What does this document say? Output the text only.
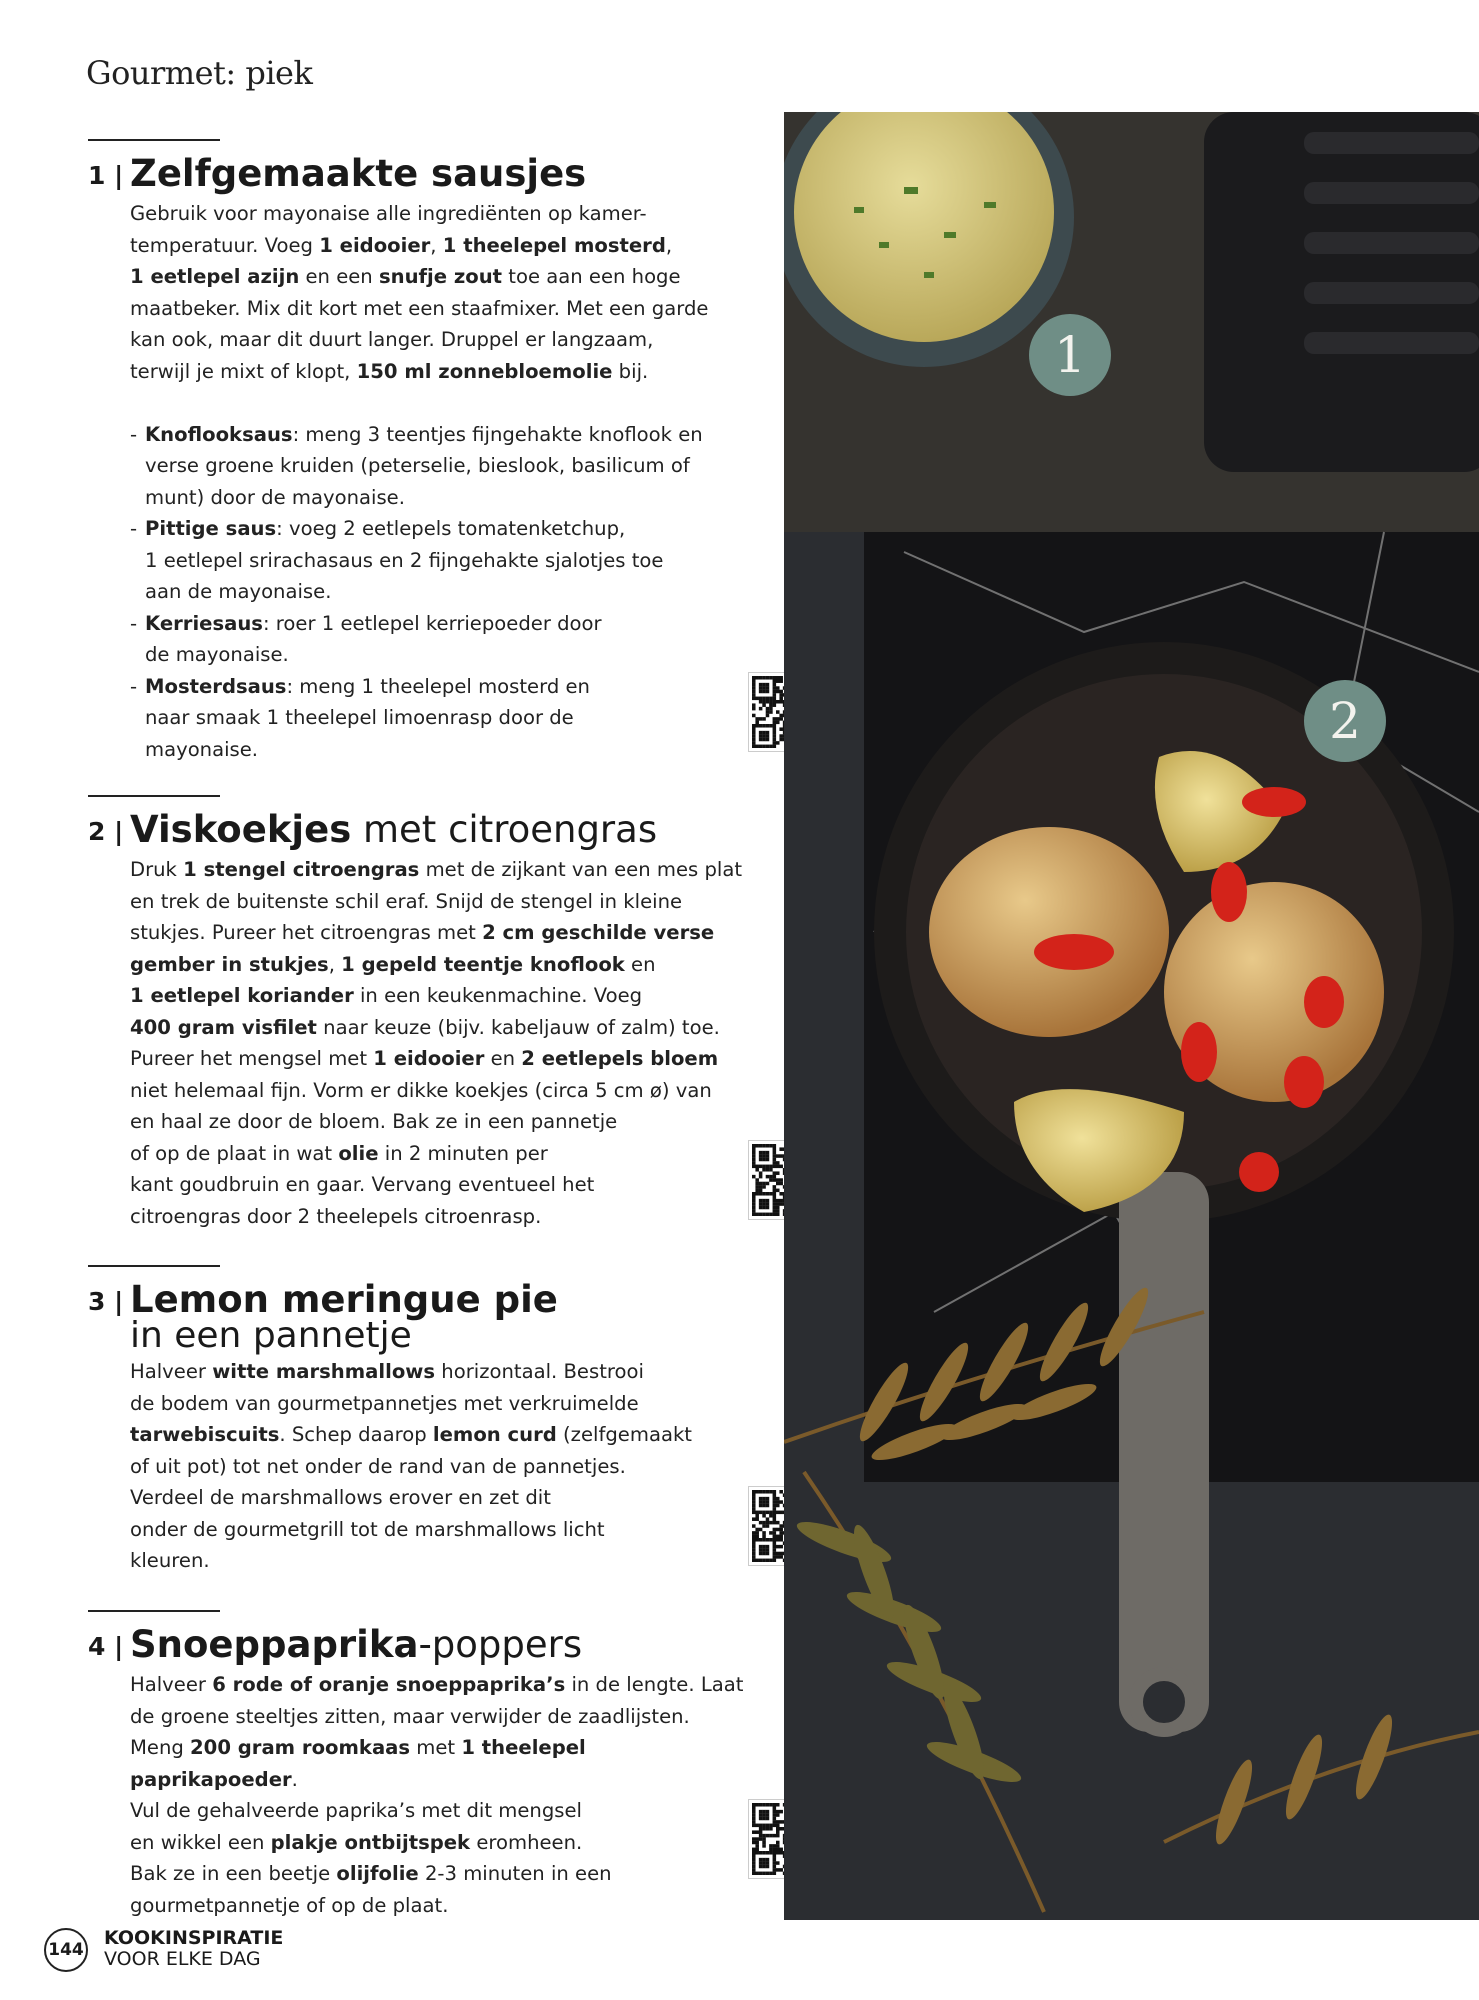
Gourmet: piek
1 | Zelfgemaakte sausjes
Gebruik voor mayonaise alle ingrediënten op kamer-
temperatuur. Voeg 1 eidooier, 1 theelepel mosterd,
1 eetlepel azijn en een snufje zout toe aan een hoge
maatbeker. Mix dit kort met een staafmixer. Met een garde
kan ook, maar dit duurt langer. Druppel er langzaam,
terwijl je mixt of klopt, 150 ml zonnebloemolie bij.
- Knoflooksaus: meng 3 teentjes fijngehakte knoflook en
verse groene kruiden (peterselie, bieslook, basilicum of
munt) door de mayonaise.
- Pittige saus: voeg 2 eetlepels tomatenketchup,
1 eetlepel srirachasaus en 2 fijngehakte sjalotjes toe
aan de mayonaise.
- Kerriesaus: roer 1 eetlepel kerriepoeder door
de mayonaise.
- Mosterdsaus: meng 1 theelepel mosterd en
naar smaak 1 theelepel limoenrasp door de
mayonaise.
2 | Viskoekjes met citroengras
Druk 1 stengel citroengras met de zijkant van een mes plat
en trek de buitenste schil eraf. Snijd de stengel in kleine
stukjes. Pureer het citroengras met 2 cm geschilde verse
gember in stukjes, 1 gepeld teentje knoflook en
1 eetlepel koriander in een keukenmachine. Voeg
400 gram visfilet naar keuze (bijv. kabeljauw of zalm) toe.
Pureer het mengsel met 1 eidooier en 2 eetlepels bloem
niet helemaal fijn. Vorm er dikke koekjes (circa 5 cm ø) van
en haal ze door de bloem. Bak ze in een pannetje
of op de plaat in wat olie in 2 minuten per
kant goudbruin en gaar. Vervang eventueel het
citroengras door 2 theelepels citroenrasp.
3 | Lemon meringue pie
in een pannetje
Halveer witte marshmallows horizontaal. Bestrooi
de bodem van gourmetpannetjes met verkruimelde
tarwebiscuits. Schep daarop lemon curd (zelfgemaakt
of uit pot) tot net onder de rand van de pannetjes.
Verdeel de marshmallows erover en zet dit
onder de gourmetgrill tot de marshmallows licht
kleuren.
4 | Snoeppaprika-poppers
Halveer 6 rode of oranje snoeppaprika’s in de lengte. Laat
de groene steeltjes zitten, maar verwijder de zaadlijsten.
Meng 200 gram roomkaas met 1 theelepel paprikapoeder.
Vul de gehalveerde paprika’s met dit mengsel
en wikkel een plakje ontbijtspek eromheen.
Bak ze in een beetje olijfolie 2-3 minuten in een
gourmetpannetje of op de plaat.
1
2
144
KOOKINSPIRATIE
VOOR ELKE DAG
